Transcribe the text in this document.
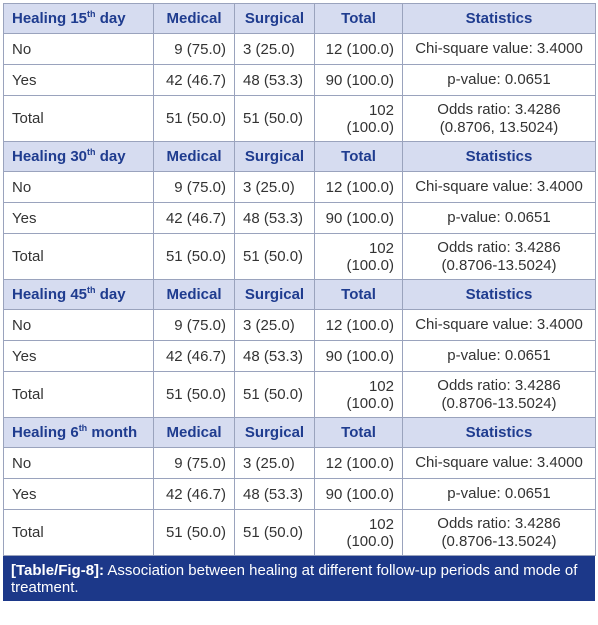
Healing 15th day	Medical	Surgical	Total	Statistics
No	9 (75.0)	3 (25.0)	12 (100.0)	Chi-square value: 3.4000

Yes	42 (46.7)	48 (53.3)	90 (100.0)	p-value: 0.0651

Total	51 (50.0)	51 (50.0)	102 (100.0)	Odds ratio: 3.4286
(0.8706, 13.5024)

Healing 30th day	Medical	Surgical	Total	Statistics
No	9 (75.0)	3 (25.0)	12 (100.0)	Chi-square value: 3.4000

Yes	42 (46.7)	48 (53.3)	90 (100.0)	p-value: 0.0651

Total	51 (50.0)	51 (50.0)	102 (100.0)	Odds ratio: 3.4286
(0.8706-13.5024)

Healing 45th day	Medical	Surgical	Total	Statistics
No	9 (75.0)	3 (25.0)	12 (100.0)	Chi-square value: 3.4000

Yes	42 (46.7)	48 (53.3)	90 (100.0)	p-value: 0.0651

Total	51 (50.0)	51 (50.0)	102 (100.0)	Odds ratio: 3.4286
(0.8706-13.5024)

Healing 6th month	Medical	Surgical	Total	Statistics
No	9 (75.0)	3 (25.0)	12 (100.0)	Chi-square value: 3.4000

Yes	42 (46.7)	48 (53.3)	90 (100.0)	p-value: 0.0651

Total	51 (50.0)	51 (50.0)	102 (100.0)	Odds ratio: 3.4286
(0.8706-13.5024)
[Table/Fig-8]: Association between healing at different follow-up periods and mode of treatment.
